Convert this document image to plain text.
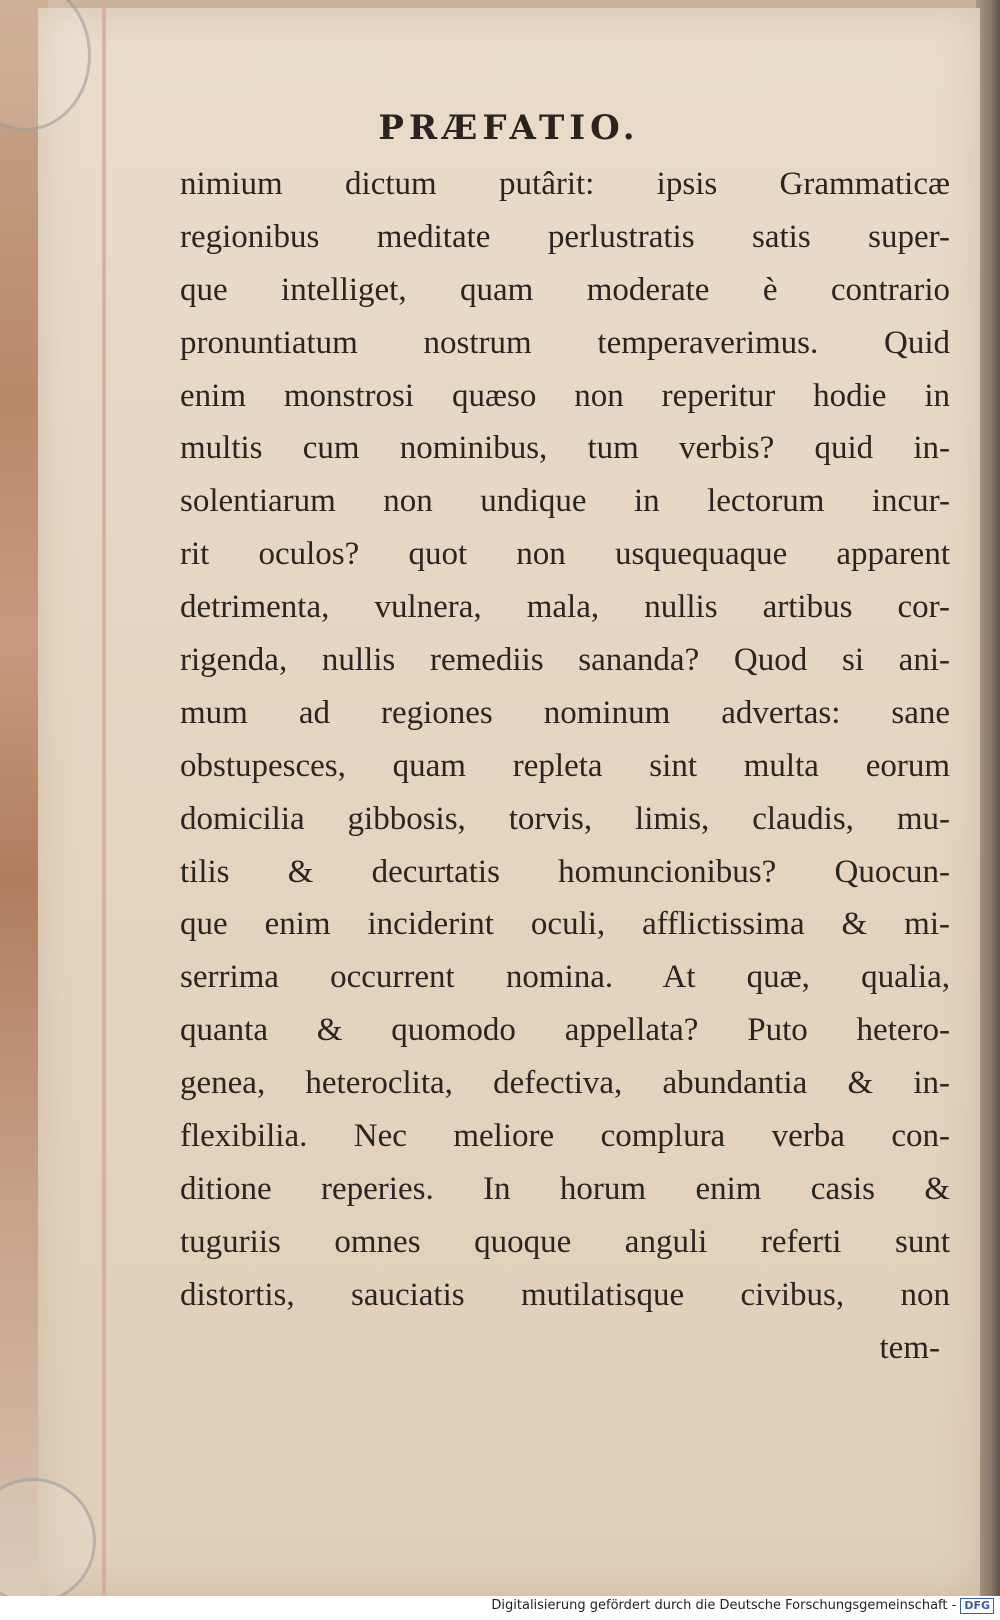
PRÆFATIO.
nimium dictum putârit: ipsis Grammaticæ
regionibus meditate perlustratis satis super-
que intelliget, quam moderate è contrario
pronuntiatum nostrum temperaverimus. Quid
enim monstrosi quæso non reperitur hodie in
multis cum nominibus, tum verbis? quid in-
solentiarum non undique in lectorum incur-
rit oculos? quot non usquequaque apparent
detrimenta, vulnera, mala, nullis artibus cor-
rigenda, nullis remediis sananda? Quod si ani-
mum ad regiones nominum advertas: sane
obstupesces, quam repleta sint multa eorum
domicilia gibbosis, torvis, limis, claudis, mu-
tilis & decurtatis homuncionibus? Quocun-
que enim inciderint oculi, afflictissima & mi-
serrima occurrent nomina. At quæ, qualia,
quanta & quomodo appellata? Puto hetero-
genea, heteroclita, defectiva, abundantia & in-
flexibilia. Nec meliore complura verba con-
ditione reperies. In horum enim casis &
tuguriis omnes quoque anguli referti sunt
distortis, sauciatis mutilatisque civibus, non
tem-
Digitalisierung gefördert durch die Deutsche Forschungsgemeinschaft - DFG
